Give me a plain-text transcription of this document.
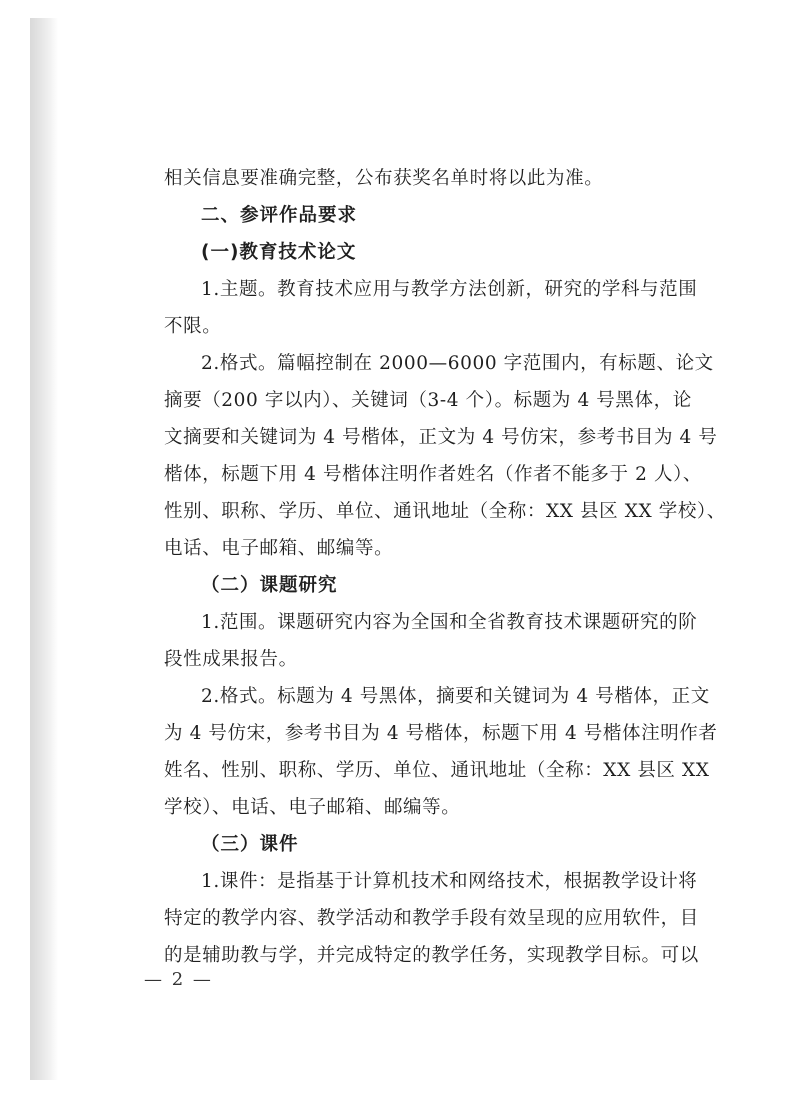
相关信息要准确完整，公布获奖名单时将以此为准。
二、参评作品要求
(一)教育技术论文
1.主题。教育技术应用与教学方法创新，研究的学科与范围
不限。
2.格式。篇幅控制在 2000—6000 字范围内，有标题、论文
摘要（200 字以内）、关键词（3-4 个）。标题为 4 号黑体，论
文摘要和关键词为 4 号楷体，正文为 4 号仿宋，参考书目为 4 号
楷体，标题下用 4 号楷体注明作者姓名（作者不能多于 2 人）、
性别、职称、学历、单位、通讯地址（全称：XX 县区 XX 学校）、
电话、电子邮箱、邮编等。
（二）课题研究
1.范围。课题研究内容为全国和全省教育技术课题研究的阶
段性成果报告。
2.格式。标题为 4 号黑体，摘要和关键词为 4 号楷体，正文
为 4 号仿宋，参考书目为 4 号楷体，标题下用 4 号楷体注明作者
姓名、性别、职称、学历、单位、通讯地址（全称：XX 县区 XX
学校）、电话、电子邮箱、邮编等。
（三）课件
1.课件：是指基于计算机技术和网络技术，根据教学设计将
特定的教学内容、教学活动和教学手段有效呈现的应用软件，目
的是辅助教与学，并完成特定的教学任务，实现教学目标。可以
— 2 —
